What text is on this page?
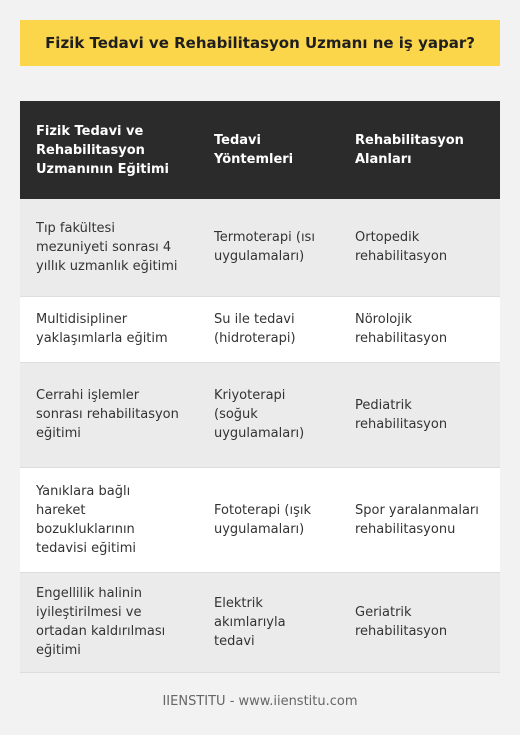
Fizik Tedavi ve Rehabilitasyon Uzmanı ne iş yapar?
Fizik Tedavi ve Rehabilitasyon Uzmanının Eğitimi	Tedavi Yöntemleri	Rehabilitasyon Alanları
Tıp fakültesi mezuniyeti sonrası 4 yıllık uzmanlık eğitimi	Termoterapi (ısı uygulamaları)	Ortopedik rehabilitasyon
Multidisipliner yaklaşımlarla eğitim	Su ile tedavi (hidroterapi)	Nörolojik rehabilitasyon
Cerrahi işlemler sonrası rehabilitasyon eğitimi	Kriyoterapi (soğuk uygulamaları)	Pediatrik rehabilitasyon
Yanıklara bağlı hareket bozukluklarının tedavisi eğitimi	Fototerapi (ışık uygulamaları)	Spor yaralanmaları rehabilitasyonu
Engellilik halinin iyileştirilmesi ve ortadan kaldırılması eğitimi	Elektrik akımlarıyla tedavi	Geriatrik rehabilitasyon
IIENSTITU - www.iienstitu.com
